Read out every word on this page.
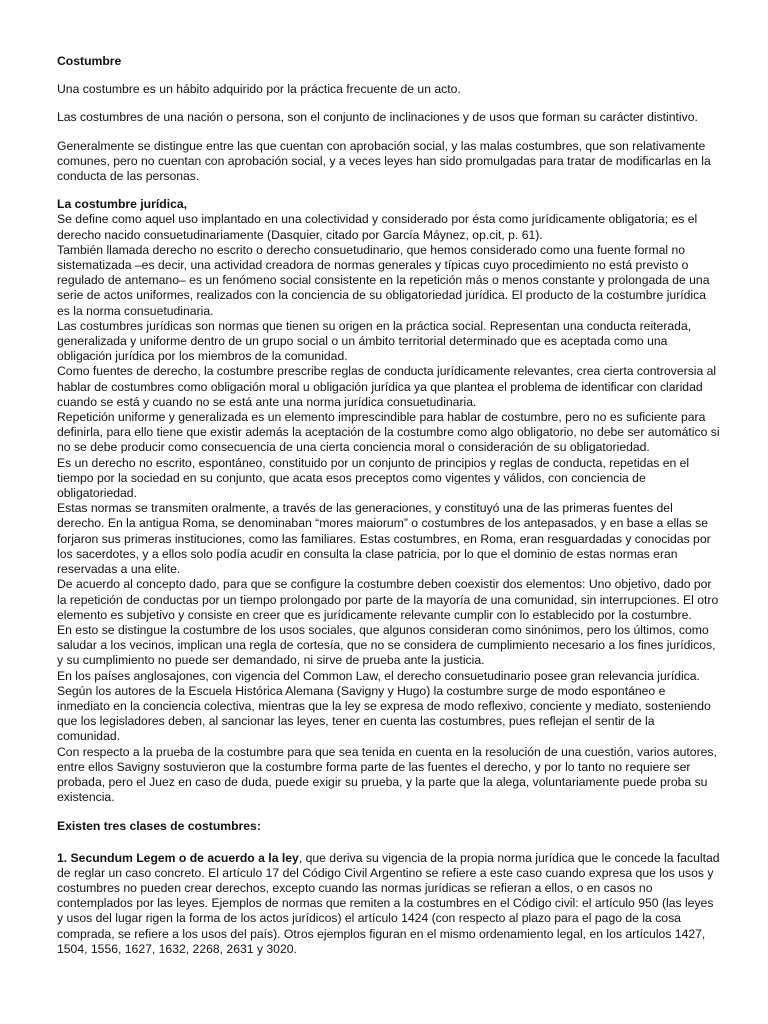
Costumbre

Una costumbre es un hábito adquirido por la práctica frecuente de un acto.

Las costumbres de una nación o persona, son el conjunto de inclinaciones y de usos que forman su carácter distintivo.

Generalmente se distingue entre las que cuentan con aprobación social, y las malas costumbres, que son relativamente comunes, pero no cuentan con aprobación social, y a veces leyes han sido promulgadas para tratar de modificarlas en la conducta de las personas.

La costumbre jurídica,

Se define como aquel uso implantado en una colectividad y considerado por ésta como jurídicamente obligatoria; es el derecho nacido consuetudinariamente (Dasquier, citado por García Máynez, op.cit, p. 61).

También llamada derecho no escrito o derecho consuetudinario, que hemos considerado como una fuente formal no sistematizada –es decir, una actividad creadora de normas generales y típicas cuyo procedimiento no está previsto o regulado de antemano– es un fenómeno social consistente en la repetición más o menos constante y prolongada de una serie de actos uniformes, realizados con la conciencia de su obligatoriedad jurídica. El producto de la costumbre jurídica es la norma consuetudinaria.

Las costumbres jurídicas son normas que tienen su origen en la práctica social. Representan una conducta reiterada, generalizada y uniforme dentro de un grupo social o un ámbito territorial determinado que es aceptada como una obligación jurídica por los miembros de la comunidad.

Como fuentes de derecho, la costumbre prescribe reglas de conducta jurídicamente relevantes, crea cierta controversia al hablar de costumbres como obligación moral u obligación jurídica ya que plantea el problema de identificar con claridad cuando se está y cuando no se está ante una norma jurídica consuetudinaria.

Repetición uniforme y generalizada es un elemento imprescindible para hablar de costumbre, pero no es suficiente para definirla, para ello tiene que existir además la aceptación de la costumbre como algo obligatorio, no debe ser automático si no se debe producir como consecuencia de una cierta conciencia moral o consideración de su obligatoriedad.

Es un derecho no escrito, espontáneo, constituido por un conjunto de principios y reglas de conducta, repetidas en el tiempo por la sociedad en su conjunto, que acata esos preceptos como vigentes y válidos, con conciencia de obligatoriedad.

Estas normas se transmiten oralmente, a través de las generaciones, y constituyó una de las primeras fuentes del derecho. En la antigua Roma, se denominaban “mores maiorum” o costumbres de los antepasados, y en base a ellas se forjaron sus primeras instituciones, como las familiares. Estas costumbres, en Roma, eran resguardadas y conocidas por los sacerdotes, y a ellos solo podía acudir en consulta la clase patricia, por lo que el dominio de estas normas eran reservadas a una elite.

De acuerdo al concepto dado, para que se configure la costumbre deben coexistir dos elementos: Uno objetivo, dado por la repetición de conductas por un tiempo prolongado por parte de la mayoría de una comunidad, sin interrupciones. El otro elemento es subjetivo y consiste en creer que es jurídicamente relevante cumplir con lo establecido por la costumbre.

En esto se distingue la costumbre de los usos sociales, que algunos consideran como sinónimos, pero los últimos, como saludar a los vecinos, implican una regla de cortesía, que no se considera de cumplimiento necesario a los fines jurídicos, y su cumplimiento no puede ser demandado, ni sirve de prueba ante la justicia.

En los países anglosajones, con vigencia del Common Law, el derecho consuetudinario posee gran relevancia jurídica.

Según los autores de la Escuela Histórica Alemana (Savigny y Hugo) la costumbre surge de modo espontáneo e inmediato en la conciencia colectiva, mientras que la ley se expresa de modo reflexivo, conciente y mediato, sosteniendo que los legisladores deben, al sancionar las leyes, tener en cuenta las costumbres, pues reflejan el sentir de la comunidad.

Con respecto a la prueba de la costumbre para que sea tenida en cuenta en la resolución de una cuestión, varios autores, entre ellos Savigny sostuvieron que la costumbre forma parte de las fuentes el derecho, y por lo tanto no requiere ser probada, pero el Juez en caso de duda, puede exigir su prueba, y la parte que la alega, voluntariamente puede proba su existencia.

Existen tres clases de costumbres:

1. Secundum Legem o de acuerdo a la ley, que deriva su vigencia de la propia norma jurídica que le concede la facultad de reglar un caso concreto. El artículo 17 del Código Civil Argentino se refiere a este caso cuando expresa que los usos y costumbres no pueden crear derechos, excepto cuando las normas jurídicas se refieran a ellos, o en casos no contemplados por las leyes. Ejemplos de normas que remiten a la costumbres en el Código civil: el artículo 950 (las leyes y usos del lugar rigen la forma de los actos jurídicos) el artículo 1424 (con respecto al plazo para el pago de la cosa comprada, se refiere a los usos del país). Otros ejemplos figuran en el mismo ordenamiento legal, en los artículos 1427, 1504, 1556, 1627, 1632, 2268, 2631 y 3020.
